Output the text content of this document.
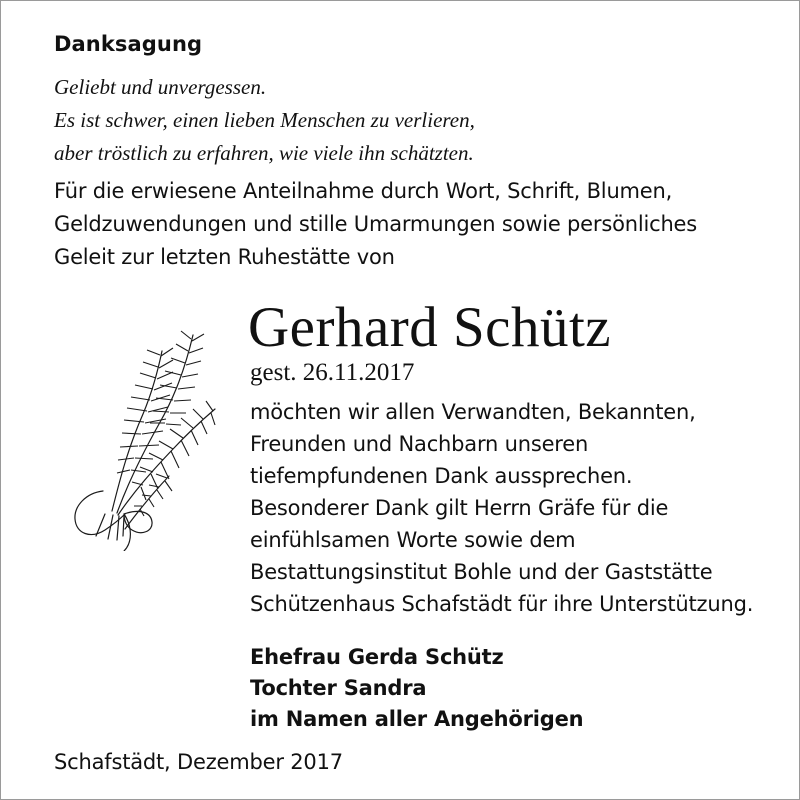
Danksagung
Geliebt und unvergessen.
Es ist schwer, einen lieben Menschen zu verlieren,
aber tröstlich zu erfahren, wie viele ihn schätzten.
Für die erwiesene Anteilnahme durch Wort, Schrift, Blumen,
Geldzuwendungen und stille Umarmungen sowie persönliches
Geleit zur letzten Ruhestätte von
Gerhard Schütz
gest. 26.11.2017
möchten wir allen Verwandten, Bekannten,
Freunden und Nachbarn unseren
tiefempfundenen Dank aussprechen.
Besonderer Dank gilt Herrn Gräfe für die
einfühlsamen Worte sowie dem
Bestattungsinstitut Bohle und der Gaststätte
Schützenhaus Schafstädt für ihre Unterstützung.
Ehefrau Gerda Schütz
Tochter Sandra
im Namen aller Angehörigen
Schafstädt, Dezember 2017
